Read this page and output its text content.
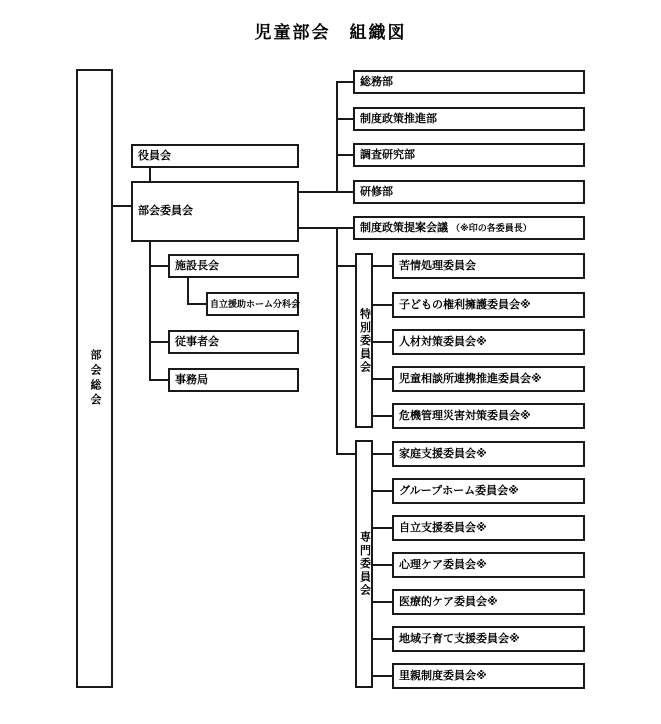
児童部会　組織図
部会総会
役員会
部会委員会
施設長会
自立援助ホーム分科会
従事者会
事務局
総務部
制度政策推進部
調査研究部
研修部
制度政策提案会議 （※印の各委員長）
特別委員会
苦情処理委員会
子どもの権利擁護委員会※
人材対策委員会※
児童相談所連携推進委員会※
危機管理災害対策委員会※
専門委員会
家庭支援委員会※
グループホーム委員会※
自立支援委員会※
心理ケア委員会※
医療的ケア委員会※
地域子育て支援委員会※
里親制度委員会※
